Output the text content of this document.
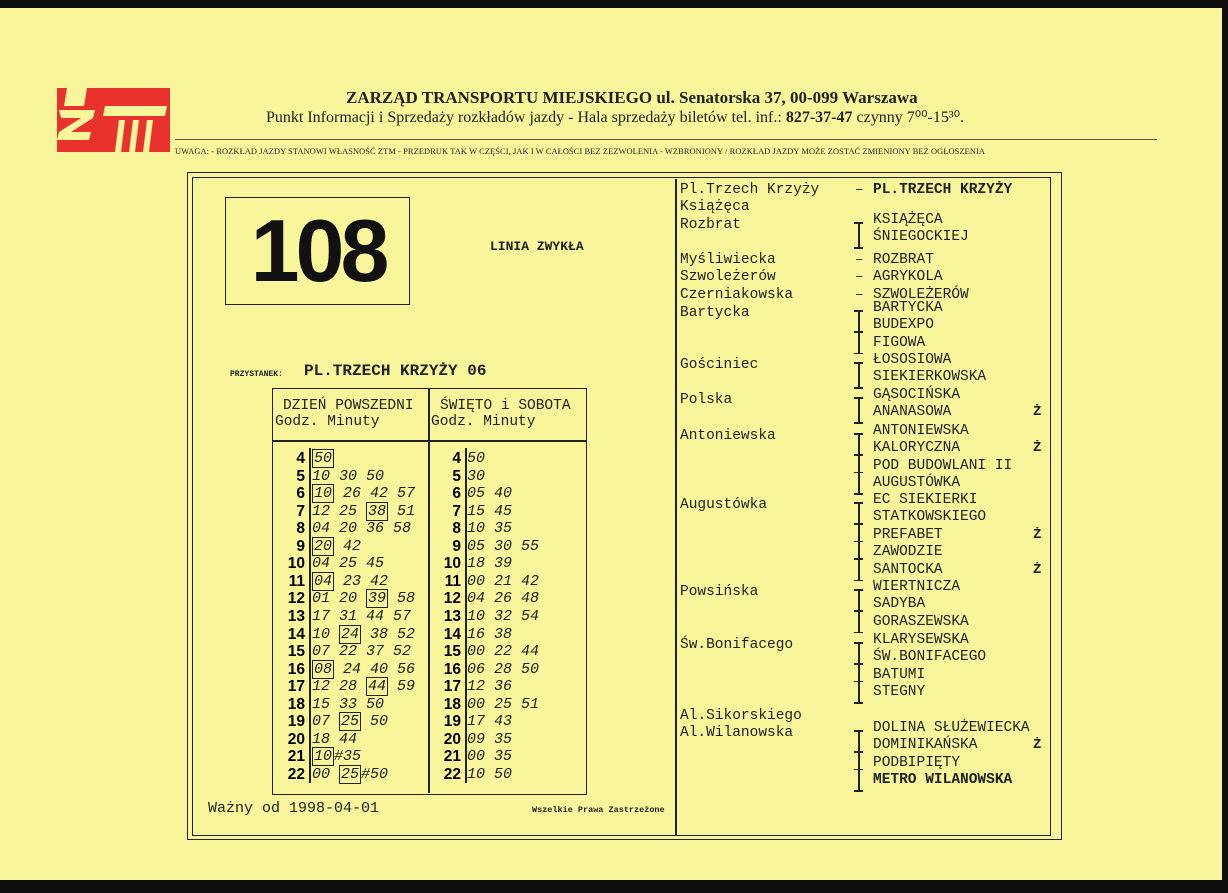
ZARZĄD TRANSPORTU MIEJSKIEGO ul. Senatorska 37, 00-099 Warszawa
Punkt Informacji i Sprzedaży rozkładów jazdy - Hala sprzedaży biletów tel. inf.: 827-37-47 czynny 7⁰⁰-15³⁰.
UWAGA: - ROZKŁAD JAZDY STANOWI WŁASNOŚĆ ZTM - PRZEDRUK TAK W CZĘŚCI, JAK I W CAŁOŚCI BEZ ZEZWOLENIA - WZBRONIONY / ROZKŁAD JAZDY MOŻE ZOSTAĆ ZMIENIONY BEZ OGŁOSZENIA
108	LINIA ZWYKŁA
PRZYSTANEK: PL.TRZECH KRZYŻY 06
DZIEŃ POWSZEDNI
Godz. Minuty
ŚWIĘTO i SOBOTA
Godz. Minuty
4 50
5 10 30 50
6 10 26 42 57
7 12 25 38 51
8 04 20 36 58
9 20 42
10 04 25 45
11 04 23 42
12 01 20 39 58
13 17 31 44 57
14 10 24 38 52
15 07 22 37 52
16 08 24 40 56
17 12 28 44 59
18 15 33 50
19 07 25 50
20 18 44
21 10 #35
22 00 25 #50
4 50
5 30
6 05 40
7 15 45
8 10 35
9 05 30 55
10 18 39
11 00 21 42
12 04 26 48
13 10 32 54
14 16 38
15 00 22 44
16 06 28 50
17 12 36
18 00 25 51
19 17 43
20 09 35
21 00 35
22 10 50
Ważny od 1998-04-01	Wszelkie Prawa Zastrzeżone
Pl.Trzech Krzyży	– PL.TRZECH KRZYŻY
Książęca
Rozbrat	KSIĄŻĘCA
ŚNIEGOCKIEJ
Myśliwiecka	– ROZBRAT
Szwoleżerów	– AGRYKOLA
Czerniakowska	– SZWOLEŻERÓW
Bartycka	BARTYCKA
BUDEXPO
FIGOWA
Gościniec	ŁOSOSIOWA
SIEKIERKOWSKA
Polska	GĄSOCIŃSKA
ANANASOWA	Ż
Antoniewska	ANTONIEWSKA
KALORYCZNA	Ż
POD BUDOWLANI II
AUGUSTÓWKA
Augustówka	EC SIEKIERKI
STATKOWSKIEGO
PREFABET	Ż
ZAWODZIE
SANTOCKA	Ż
Powsińska	WIERTNICZA
SADYBA
GORASZEWSKA
Św.Bonifacego	KLARYSEWSKA
ŚW.BONIFACEGO
BATUMI
STEGNY
Al.Sikorskiego
Al.Wilanowska	DOLINA SŁUŻEWIECKA
DOMINIKAŃSKA	Ż
PODBIPIĘTY
METRO WILANOWSKA
